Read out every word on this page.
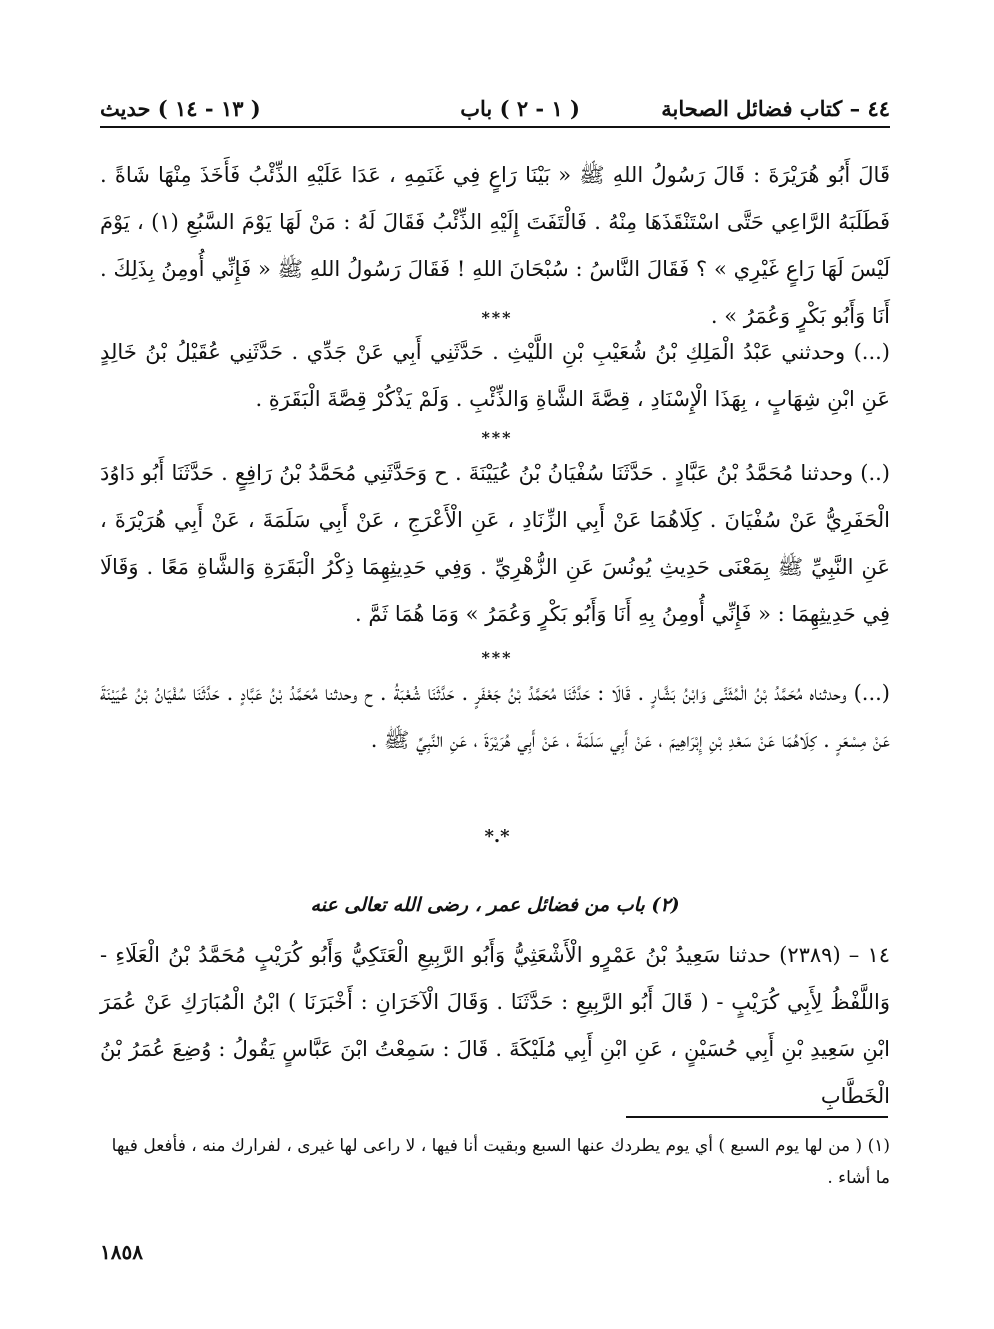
٤٤ – كتاب فضائل الصحابة
( ١ - ٢ ) باب
( ١٣ - ١٤ ) حديث
قَالَ أَبُو هُرَيْرَةَ : قَالَ رَسُولُ اللهِ ﷺ « بَيْنَا رَاعٍ فِي غَنَمِهِ ، عَدَا عَلَيْهِ الذِّئْبُ فَأَخَذَ مِنْهَا شَاةً . فَطَلَبَهُ الرَّاعِي حَتَّى اسْتَنْقَذَهَا مِنْهُ . فَالْتَفَتَ إِلَيْهِ الذِّئْبُ فَقَالَ لَهُ : مَنْ لَهَا يَوْمَ السَّبُعِ (١) ، يَوْمَ لَيْسَ لَهَا رَاعٍ غَيْرِي » ؟ فَقَالَ النَّاسُ : سُبْحَانَ اللهِ ! فَقَالَ رَسُولُ اللهِ ﷺ « فَإِنِّي أُومِنُ بِذَلِكَ . أَنَا وَأَبُو بَكْرٍ وَعُمَرُ » .
***
(...) وحدثني عَبْدُ الْمَلِكِ بْنُ شُعَيْبِ بْنِ اللَّيْثِ . حَدَّثَنِي أَبِي عَنْ جَدِّي . حَدَّثَنِي عُقَيْلُ بْنُ خَالِدٍ عَنِ ابْنِ شِهَابٍ ، بِهَذَا الْإِسْنَادِ ، قِصَّةَ الشَّاةِ وَالذِّئْبِ . وَلَمْ يَذْكُرْ قِصَّةَ الْبَقَرَةِ .
***
(..) وحدثنا مُحَمَّدُ بْنُ عَبَّادٍ . حَدَّثَنَا سُفْيَانُ بْنُ عُيَيْنَةَ . ح وَحَدَّثَنِي مُحَمَّدُ بْنُ رَافِعٍ . حَدَّثَنَا أَبُو دَاوُدَ الْحَفَرِيُّ عَنْ سُفْيَانَ . كِلَاهُمَا عَنْ أَبِي الزِّنَادِ ، عَنِ الْأَعْرَجِ ، عَنْ أَبِي سَلَمَةَ ، عَنْ أَبِي هُرَيْرَةَ ، عَنِ النَّبِيِّ ﷺ بِمَعْنَى حَدِيثِ يُونُسَ عَنِ الزُّهْرِيِّ . وَفِي حَدِيثِهِمَا ذِكْرُ الْبَقَرَةِ وَالشَّاةِ مَعًا . وَقَالَا فِي حَدِيثِهِمَا : « فَإِنِّي أُومِنُ بِهِ أَنَا وَأَبُو بَكْرٍ وَعُمَرُ » وَمَا هُمَا ثَمَّ .
***
(...) وحدثناه مُحَمَّدُ بْنُ الْمُثَنَّى وَابْنُ بَشَّارٍ . قَالَا : حَدَّثَنَا مُحَمَّدُ بْنُ جَعْفَرٍ . حَدَّثَنَا شُعْبَةُ . ح وحدثنا مُحَمَّدُ بْنُ عَبَّادٍ . حَدَّثَنَا سُفْيَانُ بْنُ عُيَيْنَةَ عَنْ مِسْعَرٍ . كِلَاهُمَا عَنْ سَعْدِ بْنِ إِبْرَاهِيمَ ، عَنْ أَبِي سَلَمَةَ ، عَنْ أَبِي هُرَيْرَةَ ، عَنِ النَّبِيِّ ﷺ .
*.*
(٢) باب من فضائل عمر ، رضى الله تعالى عنه
١٤ – (٢٣٨٩) حدثنا سَعِيدُ بْنُ عَمْرٍو الْأَشْعَثِيُّ وَأَبُو الرَّبِيعِ الْعَتَكِيُّ وَأَبُو كُرَيْبٍ مُحَمَّدُ بْنُ الْعَلَاءِ - وَاللَّفْظُ لِأَبِي كُرَيْبٍ - ( قَالَ أَبُو الرَّبِيعِ : حَدَّثَنَا . وَقَالَ الْآخَرَانِ : أَخْبَرَنَا ) ابْنُ الْمُبَارَكِ عَنْ عُمَرَ ابْنِ سَعِيدِ بْنِ أَبِي حُسَيْنٍ ، عَنِ ابْنِ أَبِي مُلَيْكَةَ . قَالَ : سَمِعْتُ ابْنَ عَبَّاسٍ يَقُولُ : وُضِعَ عُمَرُ بْنُ الْخَطَّابِ
(١) ( من لها يوم السبع ) أي يوم يطردك عنها السبع وبقيت أنا فيها ، لا راعى لها غيرى ، لفرارك منه ، فأفعل فيها ما أشاء .
١٨٥٨
